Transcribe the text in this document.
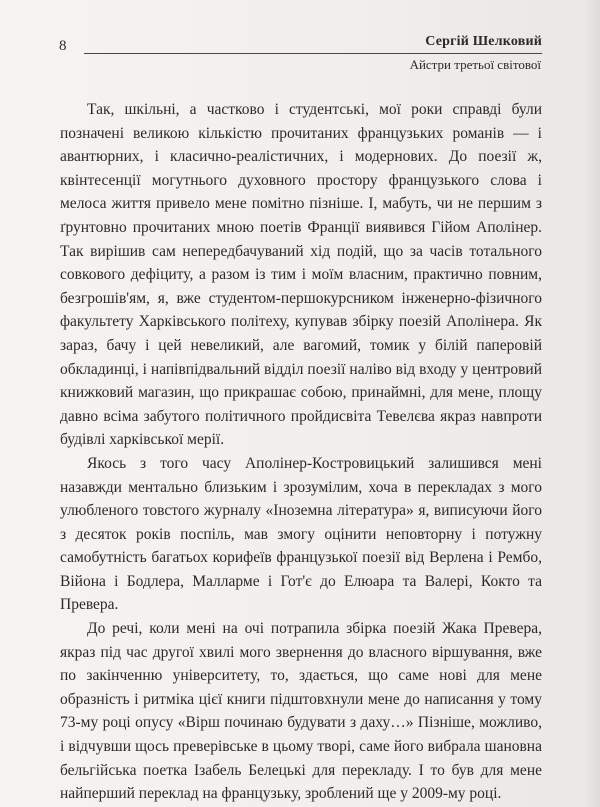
8	Сергій Шелковий
Айстри третьої світової

Так, шкільні, а частково і студентські, мої роки справді були позначені великою кількістю прочитаних французьких романів — і авантюрних, і класично-реалістичних, і модернових. До поезії ж, квінтесенції могутнього духовного простору французького слова і мелоса життя привело мене помітно пізніше. І, мабуть, чи не першим з ґрунтовно прочитаних мною поетів Франції виявився Гійом Аполінер. Так вирішив сам непередбачуваний хід подій, що за часів тотального совкового дефіциту, а разом із тим і моїм власним, практично повним, безгрошів'ям, я, вже студентом-першокурсником інженерно-фізичного факультету Харківського політеху, купував збірку поезій Аполінера. Як зараз, бачу і цей невеликий, але вагомий, томик у білій паперовій обкладинці, і напівпідвальний відділ поезії наліво від входу у центровий книжковий магазин, що прикрашає собою, принаймні, для мене, площу давно всіма забутого політичного пройдисвіта Тевелєва якраз навпроти будівлі харківської мерії.

Якось з того часу Аполінер-Костровицький залишився мені назавжди ментально близьким і зрозумілим, хоча в перекладах з мого улюбленого товстого журналу «Іноземна література» я, виписуючи його з десяток років поспіль, мав змогу оцінити неповторну і потужну самобутність багатьох корифеїв французької поезії від Верлена і Рембо, Війона і Бодлера, Малларме і Гот'є до Елюара та Валері, Кокто та Превера.

До речі, коли мені на очі потрапила збірка поезій Жака Превера, якраз під час другої хвилі мого звернення до власного віршування, вже по закінченню університету, то, здається, що саме нові для мене образність і ритміка цієї книги підштовхнули мене до написання у тому 73-му році опусу «Вірш починаю будувати з даху…» Пізніше, можливо, і відчувши щось преверівське в цьому творі, саме його вибрала шановна бельгійська поетка Ізабель Белецькі для перекладу. І то був для мене найперший переклад на французьку, зроблений ще у 2009-му році.
